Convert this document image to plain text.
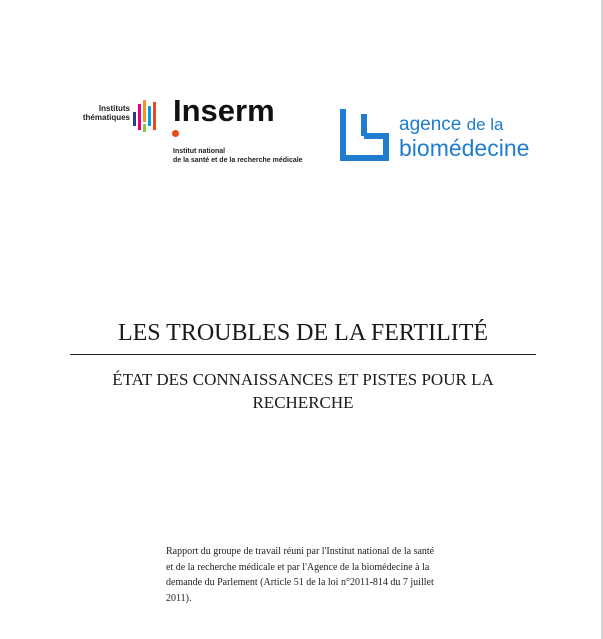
Instituts
thématiques Inserm
Institut national
de la santé et de la recherche médicale
agence de la
biomédecine
LES TROUBLES DE LA FERTILITÉ
ÉTAT DES CONNAISSANCES ET PISTES POUR LA RECHERCHE
Rapport du groupe de travail réuni par l'Institut national de la santé et de la recherche médicale et par l'Agence de la biomédecine à la demande du Parlement (Article 51 de la loi n°2011-814 du 7 juillet 2011).
